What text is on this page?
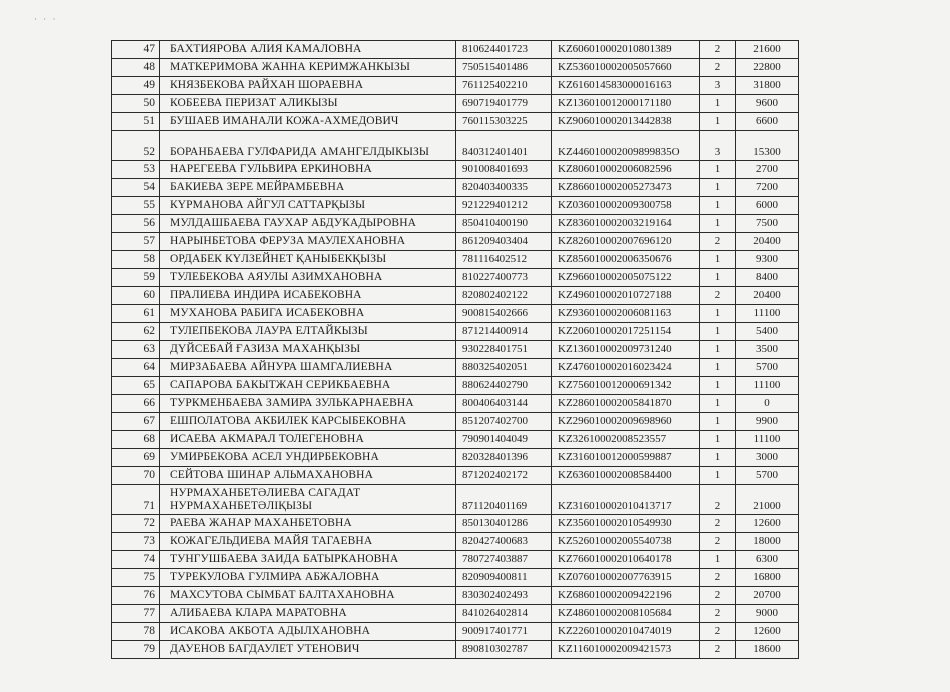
· · ·
47	БАХТИЯРОВА АЛИЯ КАМАЛОВНА	810624401723	KZ606010002010801389	2	21600
48	МАТКЕРИМОВА ЖАННА КЕРИМЖАНКЫЗЫ	750515401486	KZ536010002005057660	2	22800
49	КНЯЗБЕКОВА РАЙХАН ШОРАЕВНА	761125402210	KZ616014583000016163	3	31800
50	КОБЕЕВА ПЕРИЗАТ АЛИКЫЗЫ	690719401779	KZ136010012000171180	1	9600
51	БУШАЕВ ИМАНАЛИ КОЖА-АХМЕДОВИЧ	760115303225	KZ906010002013442838	1	6600
52	БОРАНБАЕВА ГУЛФАРИДА АМАНГЕЛДЫКЫЗЫ	840312401401	KZ446010002009899835O	3	15300
53	НАРЕГЕЕВА ГУЛЬВИРА ЕРКИНОВНА	901008401693	KZ806010002006082596	1	2700
54	БАКИЕВА ЗЕРЕ МЕЙРАМБЕВНА	820403400335	KZ866010002005273473	1	7200
55	КҮРМАНОВА АЙГУЛ САТТАРҚЫЗЫ	921229401212	KZ036010002009300758	1	6000
56	МУЛДАШБАЕВА ГАУХАР АБДУКАДЫРОВНА	850410400190	KZ836010002003219164	1	7500
57	НАРЫНБЕТОВА ФЕРУЗА МАУЛЕХАНОВНА	861209403404	KZ826010002007696120	2	20400
58	ОРДАБЕК КҮЛЗЕЙНЕТ ҚАНЫБЕКҚЫЗЫ	781116402512	KZ856010002006350676	1	9300
59	ТУЛЕБЕКОВА АЯУЛЫ АЗИМХАНОВНА	810227400773	KZ966010002005075122	1	8400
60	ПРАЛИЕВА ИНДИРА ИСАБЕКОВНА	820802402122	KZ496010002010727188	2	20400
61	МУХАНОВА РАБИГА ИСАБЕКОВНА	900815402666	KZ936010002006081163	1	11100
62	ТУЛЕПБЕКОВА ЛАУРА ЕЛТАЙКЫЗЫ	871214400914	KZ206010002017251154	1	5400
63	ДҮЙСЕБАЙ ҒАЗИЗА МАХАНҚЫЗЫ	930228401751	KZ136010002009731240	1	3500
64	МИРЗАБАЕВА АЙНУРА ШАМГАЛИЕВНА	880325402051	KZ476010002016023424	1	5700
65	САПАРОВА БАКЫТЖАН СЕРИКБАЕВНА	880624402790	KZ756010012000691342	1	11100
66	ТУРКМЕНБАЕВА ЗАМИРА ЗУЛЬКАРНАЕВНА	800406403144	KZ286010002005841870	1	0
67	ЕШПОЛАТОВА АКБИЛЕК КАРСЫБЕКОВНА	851207402700	KZ296010002009698960	1	9900
68	ИСАЕВА АКМАРАЛ ТОЛЕГЕНОВНА	790901404049	KZ32610002008523557	1	11100
69	УМИРБЕКОВА АСЕЛ УНДИРБЕКОВНА	820328401396	KZ316010012000599887	1	3000
70	СЕЙТОВА ШИНАР АЛЬМАХАНОВНА	871202402172	KZ636010002008584400	1	5700
71	НУРМАХАНБЕТӘЛИЕВА САГАДАТ НУРМАХАНБЕТӘЛІҚЫЗЫ	871120401169	KZ316010002010413717	2	21000
72	РАЕВА ЖАНАР МАХАНБЕТОВНА	850130401286	KZ356010002010549930	2	12600
73	КОЖАГЕЛЬДИЕВА МАЙЯ ТАГАЕВНА	820427400683	KZ526010002005540738	2	18000
74	ТУНГУШБАЕВА ЗАИДА БАТЫРКАНОВНА	780727403887	KZ766010002010640178	1	6300
75	ТУРЕКУЛОВА ГУЛМИРА АБЖАЛОВНА	820909400811	KZ076010002007763915	2	16800
76	МАХСУТОВА СЫМБАТ БАЛТАХАНОВНА	830302402493	KZ686010002009422196	2	20700
77	АЛИБАЕВА КЛАРА МАРАТОВНА	841026402814	KZ486010002008105684	2	9000
78	ИСАКОВА АКБОТА АДЫЛХАНОВНА	900917401771	KZ226010002010474019	2	12600
79	ДАУЕНОВ БАГДАУЛЕТ УТЕНОВИЧ	890810302787	KZ116010002009421573	2	18600
